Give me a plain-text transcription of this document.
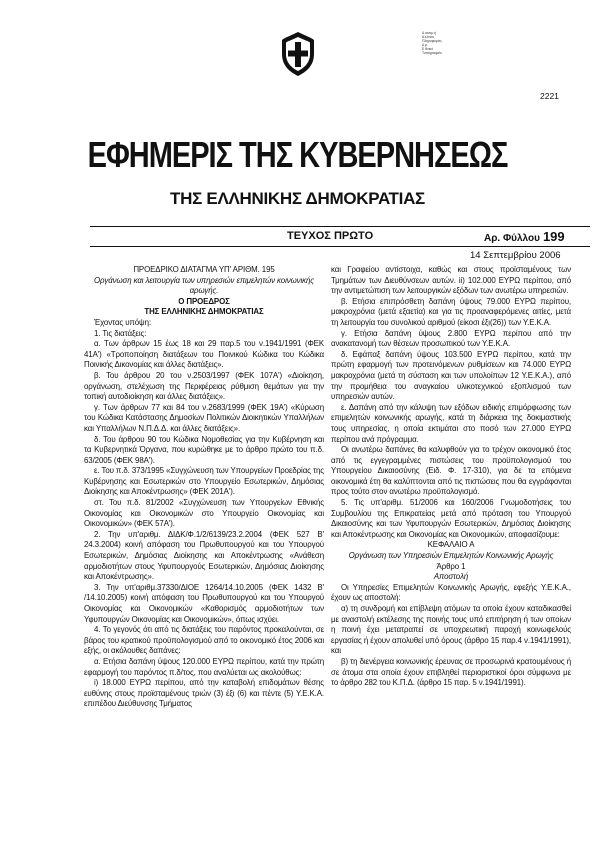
Δ ιανομ ή
Δ ελτίου
Πληροφορίες
Α ρ.
Ε θνικό
Τυπογραφείο
2221
ΕΦΗΜΕΡΙΣ ΤΗΣ ΚΥΒΕΡΝΗΣΕΩΣ
ΤΗΣ ΕΛΛΗΝΙΚΗΣ ΔΗΜΟΚΡΑΤΙΑΣ
ΤΕΥΧΟΣ ΠΡΩΤΟ	Αρ. Φύλλου 199
14 Σεπτεμβρίου 2006

ΠΡΟΕΔΡΙΚΟ ΔΙΑΤΑΓΜΑ ΥΠ' ΑΡΙΘΜ. 195

Οργάνωση και λειτουργία των υπηρεσιών επιμελητών κοινωνικής αρωγής.

Ο ΠΡΟΕΔΡΟΣ

ΤΗΣ ΕΛΛΗΝΙΚΗΣ ΔΗΜΟΚΡΑΤΙΑΣ

Έχοντας υπόψη:

1. Τις διατάξεις:

α. Των άρθρων 15 έως 18 και 29 παρ.5 του ν.1941/1991 (ΦΕΚ 41Α') «Τροποποίηση διατάξεων του Ποινικού Κώδικα του Κώδικα Ποινικής Δικονομίας και άλλες διατάξεις».

β. Του άρθρου 20 του ν.2503/1997 (ΦΕΚ 107Α') «Διοίκηση, οργάνωση, στελέχωση της Περιφέρειας ρύθμιση θεμάτων για την τοπική αυτοδιοίκηση και άλλες διατάξεις».

γ. Των άρθρων 77 και 84 του ν.2683/1999 (ΦΕΚ 19Α') «Κύρωση του Κώδικα Κατάστασης Δημοσίων Πολιτικών Διοικητικών Υπαλλήλων και Υπαλλήλων Ν.Π.Δ.Δ. και άλλες διατάξεις».

δ. Του άρθρου 90 του Κώδικα Νομοθεσίας για την Κυβέρνηση και τα Κυβερνητικά Όργανα, που κυρώθηκε με το άρθρο πρώτο του π.δ. 63/2005 (ΦΕΚ 98Α').

ε. Του π.δ. 373/1995 «Συγχώνευση των Υπουργείων Προεδρίας της Κυβέρνησης και Εσωτερικών στο Υπουργείο Εσωτερικών, Δημόσιας Διοίκησης και Αποκέντρωσης» (ΦΕΚ 201Α').

στ. Του π.δ. 81/2002 «Συγχώνευση των Υπουργείων Εθνικής Οικονομίας και Οικονομικών στο Υπουργείο Οικονομίας και Οικονομικών» (ΦΕΚ 57Α').

2. Την υπ'αριθμ. ΔΙΔΚ/Φ.1/2/6139/23.2.2004 (ΦΕΚ 527 Β' 24.3.2004) κοινή απόφαση του Πρωθυπουργού και του Υπουργού Εσωτερικών, Δημόσιας Διοίκησης και Αποκέντρωσης «Ανάθεση αρμοδιοτήτων στους Υφυπουργούς Εσωτερικών, Δημόσιας Διοίκησης και Αποκέντρωσης».

3. Την υπ'αριθμ.37330/ΔΙΟΕ 1264/14.10.2005 (ΦΕΚ 1432 Β' /14.10.2005) κοινή απόφαση του Πρωθυπουργού και του Υπουργού Οικονομίας και Οικονομικών «Καθορισμός αρμοδιοτήτων των Υφυπουργών Οικονομίας και Οικονομικών», όπως ισχύει.

4. Το γεγονός ότι από τις διατάξεις του παρόντος προκαλούνται, σε βάρος του κρατικού προϋπολογισμού από το οικονομικό έτος 2006 και εξής, οι ακόλουθες δαπάνες:

α. Ετήσια δαπάνη ύψους 120.000 ΕΥΡΩ περίπου, κατά την πρώτη εφαρμογή του παρόντος π.δ/τος, που αναλύεται ως ακολούθως:

i) 18.000 ΕΥΡΩ περίπου, από την καταβολή επιδομάτων θέσης ευθύνης στους προϊσταμένους τριών (3) έξι (6) και πέντε (5) Υ.Ε.Κ.Α. επιπέδου Διεύθυνσης Τμήματος

και Γραφείου αντίστοιχα, καθώς και στους προϊσταμένους των Τμημάτων των Διευθύνσεων αυτών. ii) 102.000 ΕΥΡΩ περίπου, από την αντιμετώπιση των λειτουργικών εξόδων των ανωτέρω υπηρεσιών.

β. Ετήσια επιπρόσθετη δαπάνη ύψους 79.000 ΕΥΡΩ περίπου, μακροχρόνια (μετά εξαετία) και για τις προαναφερόμενες αιτίες, μετά τη λειτουργία του συνολικού αριθμού (είκοσι έξι(26)) των Υ.Ε.Κ.Α.

γ. Ετήσια δαπάνη ύψους 2.800 ΕΥΡΩ περίπου από την ανακατανομή των θέσεων προσωπικού των Υ.Ε.Κ.Α.

δ. Εφάπαξ δαπάνη ύψους 103.500 ΕΥΡΩ περίπου, κατά την πρώτη εφαρμογή των προτεινόμενων ρυθμίσεων και 74.000 ΕΥΡΩ μακροχρόνια (μετά τη σύσταση και των υπολοίπων 12 Υ.Ε.Κ.Α.), από την προμήθεια του αναγκαίου υλικοτεχνικού εξοπλισμού των υπηρεσιών αυτών.

ε. Δαπάνη από την κάλυψη των εξόδων ειδικής επιμόρφωσης των επιμελητών κοινωνικής αρωγής, κατά τη διάρκεια της δοκιμαστικής τους υπηρεσίας, η οποία εκτιμάται στο ποσό των 27.000 ΕΥΡΩ περίπου ανά πρόγραμμα.

Οι ανωτέρω δαπάνες θα καλυφθούν για το τρέχον οικονομικό έτος από τις εγγεγραμμένες πιστώσεις του προϋπολογισμού του Υπουργείου Δικαιοσύνης (Ειδ. Φ. 17-310), για δε τα επόμενα οικονομικά έτη θα καλύπτονται από τις πιστώσεις που θα εγγράφονται προς τούτο στον ανωτέρω προϋπολογισμό.

5. Τις υπ'αριθμ. 51/2006 και 160/2006 Γνωμοδοτήσεις του Συμβουλίου της Επικρατείας μετά από πρόταση του Υπουργού Δικαιοσύνης και των Υφυπουργών Εσωτερικών, Δημόσιας Διοίκησης και Αποκέντρωσης και Οικονομίας και Οικονομικών, αποφασίζουμε:

ΚΕΦΑΛΑΙΟ Α

Οργάνωση των Υπηρεσιών Επιμελητών Κοινωνικής Αρωγής

Άρθρο 1

Αποστολή

Οι Υπηρεσίες Επιμελητών Κοινωνικής Αρωγής, εφεξής Υ.Ε.Κ.Α., έχουν ως αποστολή:

α) τη συνδρομή και επίβλεψη ατόμων τα οποία έχουν καταδικασθεί με αναστολή εκτέλεσης της ποινής τους υπό επιτήρηση ή των οποίων η ποινή έχει μετατραπεί σε υποχρεωτική παροχή κοινωφελούς εργασίας ή έχουν απολυθεί υπό όρους (άρθρο 15 παρ.4 ν.1941/1991), και

β) τη διενέργεια κοινωνικής έρευνας σε προσωρινά κρατουμένους ή σε άτομα στα οποία έχουν επιβληθεί περιοριστικοί όροι σύμφωνα με το άρθρο 282 του Κ.Π.Δ. (άρθρο 15 παρ. 5 ν.1941/1991).
